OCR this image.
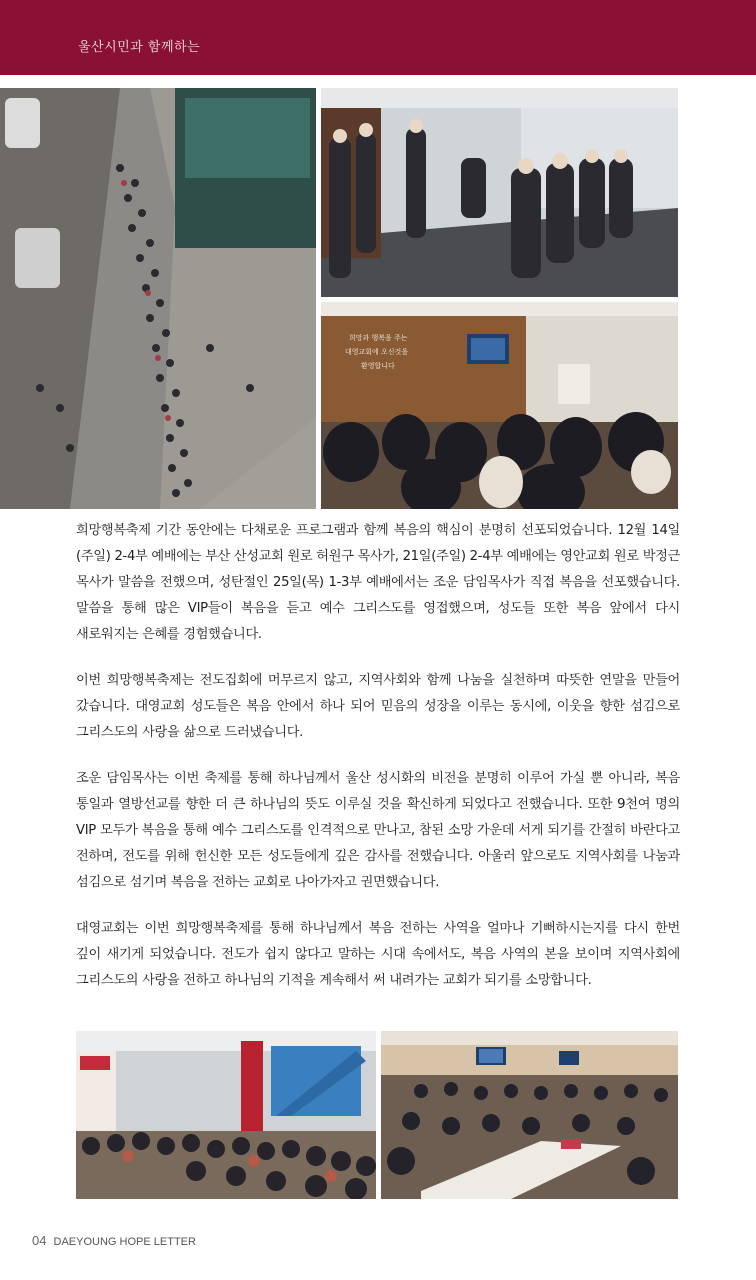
울산시민과 함께하는
희망과 행복을 주는
대영교회에 오신것을
환영합니다

희망행복축제 기간 동안에는 다채로운 프로그램과 함께 복음의 핵심이 분명히 선포되었습니다. 12월 14일(주일) 2-4부 예배에는 부산 산성교회 원로 허원구 목사가, 21일(주일) 2-4부 예배에는 영안교회 원로 박정근 목사가 말씀을 전했으며, 성탄절인 25일(목) 1-3부 예배에서는 조운 담임목사가 직접 복음을 선포했습니다. 말씀을 통해 많은 VIP들이 복음을 듣고 예수 그리스도를 영접했으며, 성도들 또한 복음 앞에서 다시 새로워지는 은혜를 경험했습니다.

이번 희망행복축제는 전도집회에 머무르지 않고, 지역사회와 함께 나눔을 실천하며 따뜻한 연말을 만들어 갔습니다. 대영교회 성도들은 복음 안에서 하나 되어 믿음의 성장을 이루는 동시에, 이웃을 향한 섬김으로 그리스도의 사랑을 삶으로 드러냈습니다.

조운 담임목사는 이번 축제를 통해 하나님께서 울산 성시화의 비전을 분명히 이루어 가실 뿐 아니라, 복음 통일과 열방선교를 향한 더 큰 하나님의 뜻도 이루실 것을 확신하게 되었다고 전했습니다. 또한 9천여 명의 VIP 모두가 복음을 통해 예수 그리스도를 인격적으로 만나고, 참된 소망 가운데 서게 되기를 간절히 바란다고 전하며, 전도를 위해 헌신한 모든 성도들에게 깊은 감사를 전했습니다. 아울러 앞으로도 지역사회를 나눔과 섬김으로 섬기며 복음을 전하는 교회로 나아가자고 권면했습니다.

대영교회는 이번 희망행복축제를 통해 하나님께서 복음 전하는 사역을 얼마나 기뻐하시는지를 다시 한번 깊이 새기게 되었습니다. 전도가 쉽지 않다고 말하는 시대 속에서도, 복음 사역의 본을 보이며 지역사회에 그리스도의 사랑을 전하고 하나님의 기적을 계속해서 써 내려가는 교회가 되기를 소망합니다.

04 DAEYOUNG HOPE LETTER
